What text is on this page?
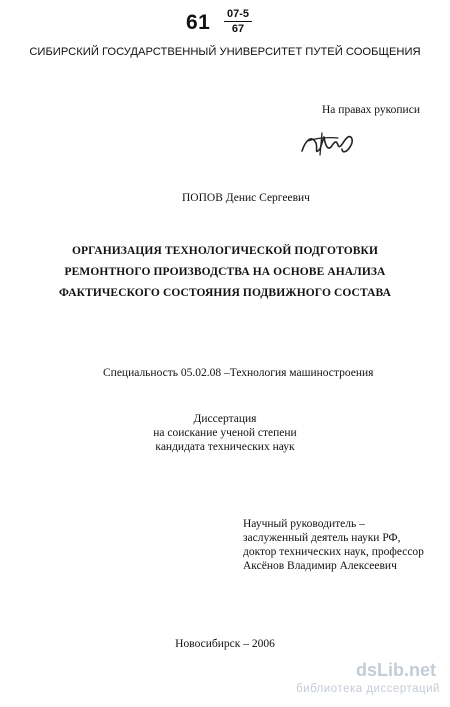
$61 \frac{07-5}{67}$
СИБИРСКИЙ ГОСУДАРСТВЕННЫЙ УНИВЕРСИТЕТ ПУТЕЙ СООБЩЕНИЯ
На правах рукописи
ПОПОВ Денис Сергеевич
ОРГАНИЗАЦИЯ ТЕХНОЛОГИЧЕСКОЙ ПОДГОТОВКИ
РЕМОНТНОГО ПРОИЗВОДСТВА НА ОСНОВЕ АНАЛИЗА
ФАКТИЧЕСКОГО СОСТОЯНИЯ ПОДВИЖНОГО СОСТАВА
Специальность 05.02.08 –Технология машиностроения
Диссертация
на соискание ученой степени
кандидата технических наук
Научный руководитель –
заслуженный деятель науки РФ,
доктор технических наук, профессор
Аксёнов Владимир Алексеевич
Новосибирск – 2006
dsLib.net
библиотека диссертаций
